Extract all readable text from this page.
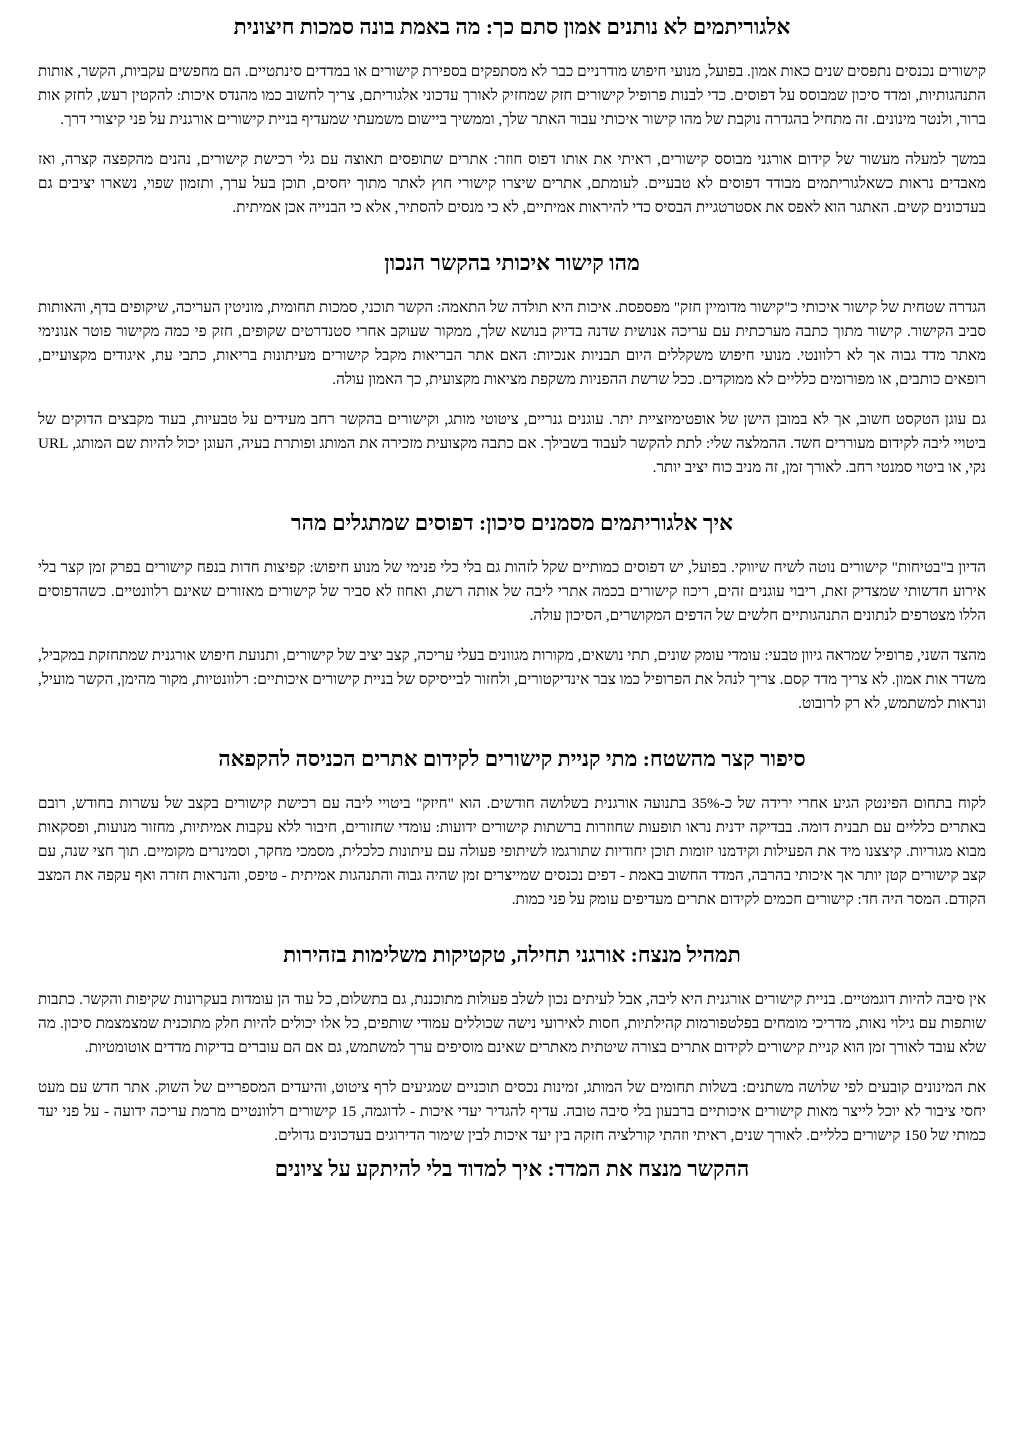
אלגוריתמים לא נותנים אמון סתם כך: מה באמת בונה סמכות חיצונית

קישורים נכנסים נתפסים שנים כאות אמון. בפועל, מנועי חיפוש מודרניים כבר לא מסתפקים בספירת קישורים או במדדים סינתטיים. הם מחפשים עקביות, הקשר, אותות התנהגותיות, ומדד סיכון שמבוסס על דפוסים. כדי לבנות פרופיל קישורים חזק שמחזיק לאורך עדכוני אלגוריתם, צריך לחשוב כמו מהנדס איכות: להקטין רעש, לחזק אות ברור, ולנטר מינונים. זה מתחיל בהגדרה נוקבת של מהו קישור איכותי עבור האתר שלך, וממשיך ביישום משמעתי שמעדיף בניית קישורים אורגנית על פני קיצורי דרך.

במשך למעלה מעשור של קידום אורגני מבוסס קישורים, ראיתי את אותו דפוס חוזר: אתרים שתופסים תאוצה עם גלי רכישת קישורים, נהנים מהקפצה קצרה, ואז מאבדים נראות כשאלגוריתמים מבודד דפוסים לא טבעיים. לעומתם, אתרים שיצרו קישורי חוץ לאתר מתוך יחסים, תוכן בעל ערך, ותזמון שפוי, נשארו יציבים גם בעדכונים קשים. האתגר הוא לאפס את אסטרטגיית הבסיס כדי להיראות אמיתיים, לא כי מנסים להסתיר, אלא כי הבנייה אכן אמיתית.

מהו קישור איכותי בהקשר הנכון

הגדרה שטחית של קישור איכותי כ"קישור מדומיין חזק" מפספסת. איכות היא תולדה של התאמה: הקשר תוכני, סמכות תחומית, מוניטין העריכה, שיקופים בדף, והאותות סביב הקישור. קישור מתוך כתבה מערכתית עם עריכה אנושית שדנה בדיוק בנושא שלך, ממקור שעוקב אחרי סטנדרטים שקופים, חזק פי כמה מקישור פוטר אנונימי מאתר מדד גבוה אך לא רלוונטי. מנועי חיפוש משקללים היום תבניות אנכיות: האם אתר הבריאות מקבל קישורים מעיתונות בריאות, כתבי עת, איגודים מקצועיים, רופאים כותבים, או מפורומים כלליים לא ממוקדים. ככל שרשת ההפניות משקפת מציאות מקצועית, כך האמון עולה.

גם עוגן הטקסט חשוב, אך לא במובן הישן של אופטימיזציית יתר. עוגנים גנריים, ציטוטי מותג, וקישורים בהקשר רחב מעידים על טבעיות, בעוד מקבצים הדוקים של ביטויי ליבה לקידום מעוררים חשד. ההמלצה שלי: לתת להקשר לעבוד בשבילך. אם כתבה מקצועית מזכירה את המותג ופותרת בעיה, העוגן יכול להיות שם המותג, URL נקי, או ביטוי סמנטי רחב. לאורך זמן, זה מניב כוח יציב יותר.

איך אלגוריתמים מסמנים סיכון: דפוסים שמתגלים מהר

הדיון ב"בטיחות" קישורים נוטה לשיח שיווקי. בפועל, יש דפוסים כמותיים שקל לזהות גם בלי כלי פנימי של מנוע חיפוש: קפיצות חדות בנפח קישורים בפרק זמן קצר בלי אירוע חדשותי שמצדיק זאת, ריבוי עוגנים זהים, ריכוז קישורים בכמה אתרי ליבה של אותה רשת, ואחוז לא סביר של קישורים מאזורים שאינם רלוונטיים. כשהדפוסים הללו מצטרפים לנתונים התנהגותיים חלשים של הדפים המקושרים, הסיכון עולה.

מהצד השני, פרופיל שמראה גיוון טבעי: עומדי עומק שונים, תתי נושאים, מקורות מגוונים בעלי עריכה, קצב יציב של קישורים, ותנועת חיפוש אורגנית שמתחזקת במקביל, משדר אות אמון. לא צריך מדד קסם. צריך לנהל את הפרופיל כמו צבר אינדיקטורים, ולחזור לבייסיקס של בניית קישורים איכותיים: רלוונטיות, מקור מהימן, הקשר מועיל, ונראות למשתמש, לא רק לרובוט.

סיפור קצר מהשטח: מתי קניית קישורים לקידום אתרים הכניסה להקפאה

לקוח בתחום הפינטק הגיע אחרי ירידה של כ-35% בתנועה אורגנית בשלושה חודשים. הוא "חיזק" ביטויי ליבה עם רכישת קישורים בקצב של עשרות בחודש, רובם באתרים כלליים עם תבנית דומה. בבדיקה ידנית נראו תופעות שחוזרות ברשתות קישורים ידועות: עומדי שחזורים, חיבור ללא עקבות אמיתיות, מחזור מנועות, ופסקאות מבוא מגוריות. קיצצנו מיד את הפעילות וקידמנו יזומות תוכן יחודיות שתורגמו לשיתופי פעולה עם עיתונות כלכלית, מסמכי מחקר, וסמינרים מקומיים. תוך חצי שנה, עם קצב קישורים קטן יותר אך איכותי בהרבה, המדד החשוב באמת - דפים נכנסים שמייצרים זמן שהיה גבוה והתנהגות אמיתית - טיפס, והנראות חזרה ואף עקפה את המצב הקודם. המסר היה חד: קישורים חכמים לקידום אתרים מעדיפים עומק על פני כמות.

תמהיל מנצח: אורגני תחילה, טקטיקות משלימות בזהירות

אין סיבה להיות דוגמטיים. בניית קישורים אורגנית היא ליבה, אבל לעיתים נכון לשלב פעולות מתוכננת, גם בתשלום, כל עוד הן עומדות בעקרונות שקיפות והקשר. כתבות שותפות עם גילוי נאות, מדריכי מומחים בפלטפורמות קהילתיות, חסות לאירועי נישה שכוללים עמודי שותפים, כל אלו יכולים להיות חלק מתוכנית שמצמצמת סיכון. מה שלא עובד לאורך זמן הוא קניית קישורים לקידום אתרים בצורה שיטתית מאתרים שאינם מוסיפים ערך למשתמש, גם אם הם עוברים בדיקות מדדים אוטומטיות.

את המינונים קובעים לפי שלושה משתנים: בשלות תחומים של המותג, זמינות נכסים תוכניים שמגיעים לרף ציטוט, והיעדים המספריים של השוק. אתר חדש עם מעט יחסי ציבור לא יוכל לייצר מאות קישורים איכותיים ברבעון בלי סיבה טובה. עדיף להגדיר יעדי איכות - לדוגמה, 15 קישורים רלוונטיים מרמת עריכה ידועה - על פני יעד כמותי של 150 קישורים כלליים. לאורך שנים, ראיתי וזהתי קורלציה חזקה בין יעד איכות לבין שימור הדירוגים בעדכונים גדולים.

ההקשר מנצח את המדד: איך למדוד בלי להיתקע על ציונים
